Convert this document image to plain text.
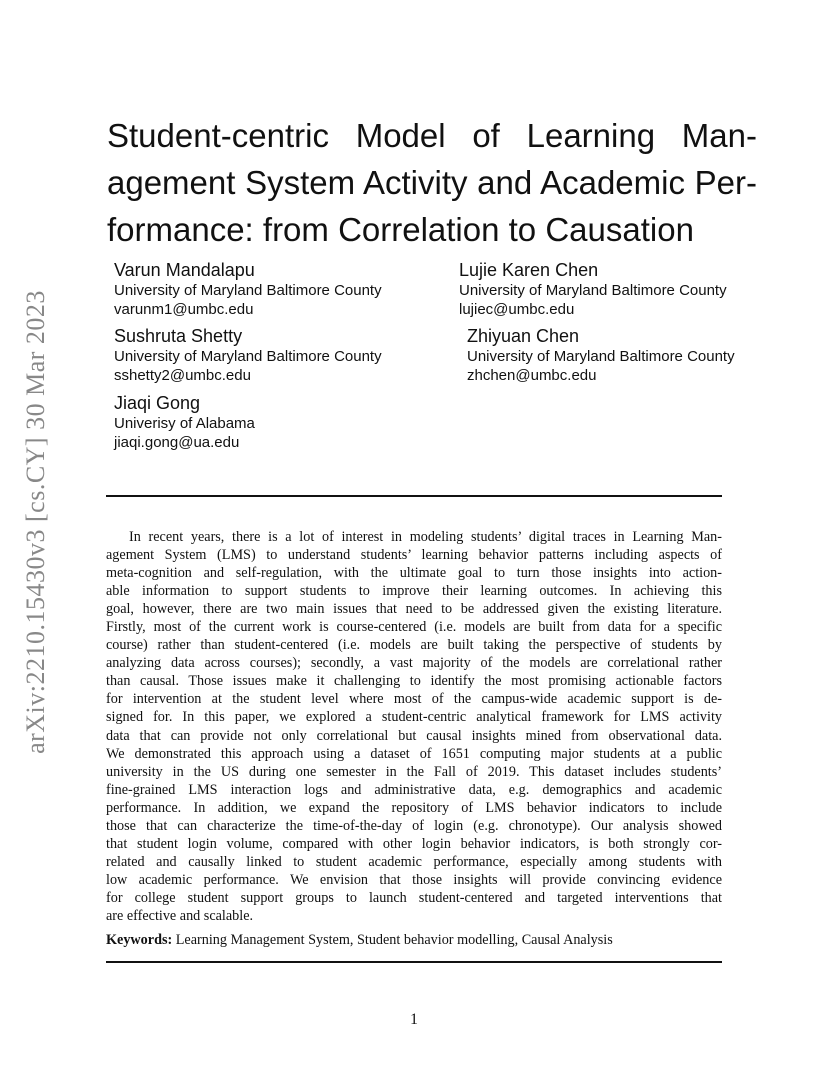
arXiv:2210.15430v3 [cs.CY] 30 Mar 2023
Student-centric Model of Learning Man-
agement System Activity and Academic Per-
formance: from Correlation to Causation
Varun Mandalapu
University of Maryland Baltimore County
varunm1@umbc.edu
Lujie Karen Chen
University of Maryland Baltimore County
lujiec@umbc.edu
Sushruta Shetty
University of Maryland Baltimore County
sshetty2@umbc.edu
Zhiyuan Chen
University of Maryland Baltimore County
zhchen@umbc.edu
Jiaqi Gong
Univerisy of Alabama
jiaqi.gong@ua.edu
In recent years, there is a lot of interest in modeling students’ digital traces in Learning Man-
agement System (LMS) to understand students’ learning behavior patterns including aspects of
meta-cognition and self-regulation, with the ultimate goal to turn those insights into action-
able information to support students to improve their learning outcomes. In achieving this
goal, however, there are two main issues that need to be addressed given the existing literature.
Firstly, most of the current work is course-centered (i.e. models are built from data for a specific
course) rather than student-centered (i.e. models are built taking the perspective of students by
analyzing data across courses); secondly, a vast majority of the models are correlational rather
than causal. Those issues make it challenging to identify the most promising actionable factors
for intervention at the student level where most of the campus-wide academic support is de-
signed for. In this paper, we explored a student-centric analytical framework for LMS activity
data that can provide not only correlational but causal insights mined from observational data.
We demonstrated this approach using a dataset of 1651 computing major students at a public
university in the US during one semester in the Fall of 2019. This dataset includes students’
fine-grained LMS interaction logs and administrative data, e.g. demographics and academic
performance. In addition, we expand the repository of LMS behavior indicators to include
those that can characterize the time-of-the-day of login (e.g. chronotype). Our analysis showed
that student login volume, compared with other login behavior indicators, is both strongly cor-
related and causally linked to student academic performance, especially among students with
low academic performance. We envision that those insights will provide convincing evidence
for college student support groups to launch student-centered and targeted interventions that
are effective and scalable.
Keywords: Learning Management System, Student behavior modelling, Causal Analysis
1
